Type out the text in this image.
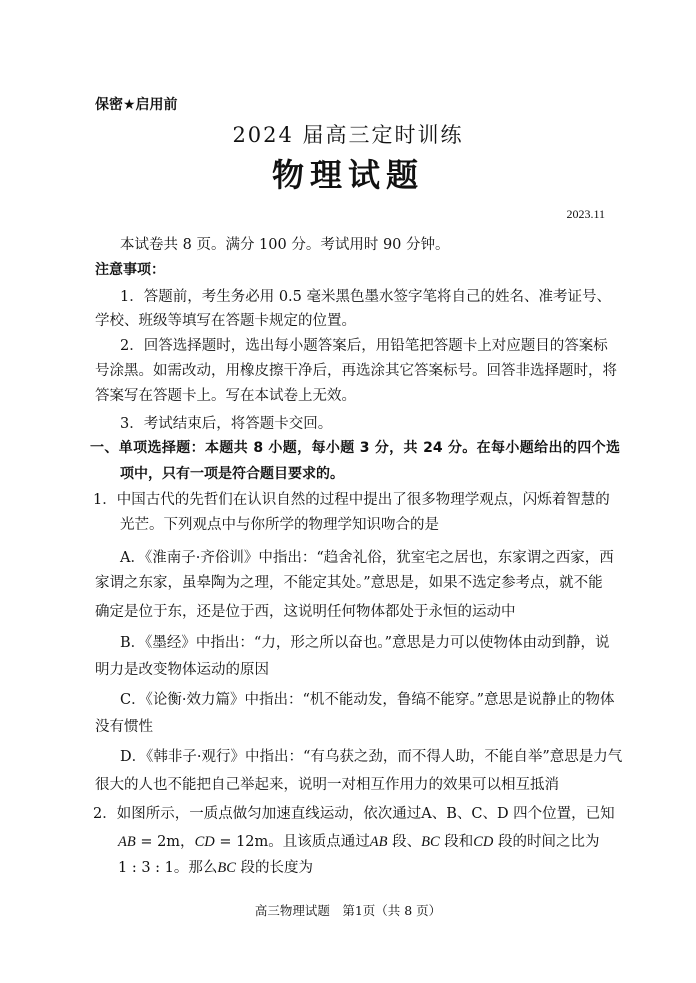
保密★启用前
2024 届高三定时训练
物理试题
2023.11
本试卷共 8 页。满分 100 分。考试用时 90 分钟。
注意事项：
1．答题前，考生务必用 0.5 毫米黑色墨水签字笔将自己的姓名、准考证号、
学校、班级等填写在答题卡规定的位置。
2．回答选择题时，选出每小题答案后，用铅笔把答题卡上对应题目的答案标
号涂黑。如需改动，用橡皮擦干净后，再选涂其它答案标号。回答非选择题时，将
答案写在答题卡上。写在本试卷上无效。
3．考试结束后，将答题卡交回。
一、单项选择题：本题共 8 小题，每小题 3 分，共 24 分。在每小题给出的四个选
项中，只有一项是符合题目要求的。
1．中国古代的先哲们在认识自然的过程中提出了很多物理学观点，闪烁着智慧的
光芒。下列观点中与你所学的物理学知识吻合的是
A．《淮南子·齐俗训》中指出：“趋舍礼俗，犹室宅之居也，东家谓之西家，西
家谓之东家，虽皋陶为之理，不能定其处。”意思是，如果不选定参考点，就不能
确定是位于东，还是位于西，这说明任何物体都处于永恒的运动中
B．《墨经》中指出：“力，形之所以奋也。”意思是力可以使物体由动到静，说
明力是改变物体运动的原因
C．《论衡·效力篇》中指出：“机不能动发，鲁缟不能穿。”意思是说静止的物体
没有惯性
D．《韩非子·观行》中指出：“有乌获之劲，而不得人助，不能自举”意思是力气
很大的人也不能把自己举起来，说明一对相互作用力的效果可以相互抵消
2．如图所示，一质点做匀加速直线运动，依次通过A、B、C、D 四个位置，已知
AB = 2m，CD = 12m。且该质点通过AB 段、BC 段和CD 段的时间之比为
1 : 3 : 1。那么BC 段的长度为
高三物理试题　第1页（共 8 页）
